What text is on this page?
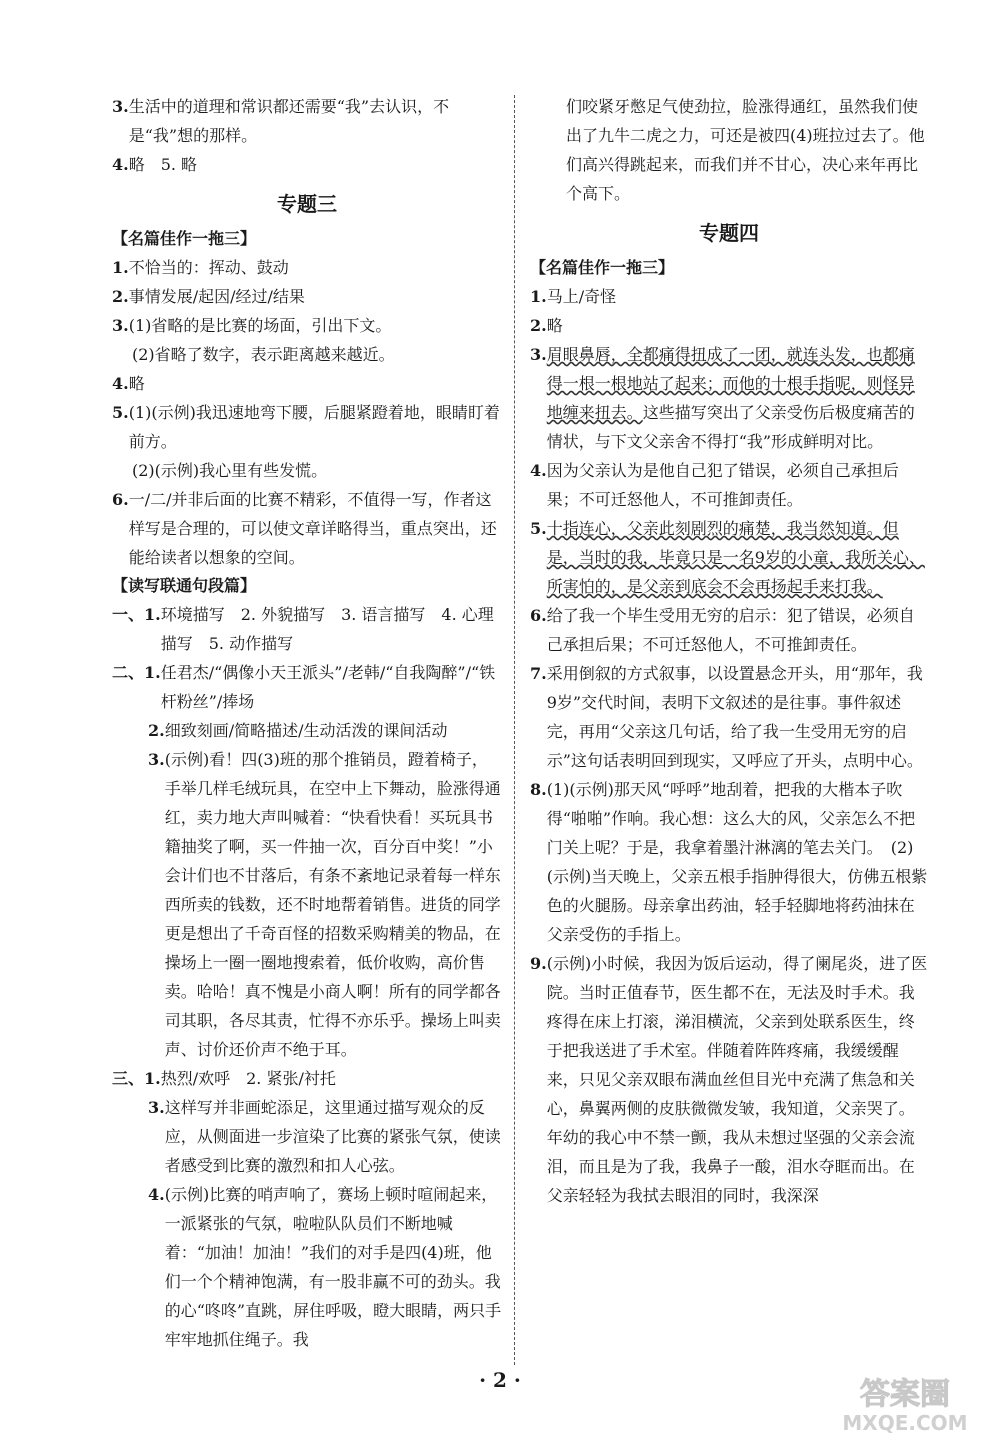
3. 生活中的道理和常识都还需要“我”去认识，不是“我”想的那样。
4. 略　5. 略
专题三
【名篇佳作一拖三】
1. 不恰当的：挥动、鼓动
2. 事情发展/起因/经过/结果
3. (1)省略的是比赛的场面，引出下文。
(2)省略了数字，表示距离越来越近。
4. 略
5. (1)(示例)我迅速地弯下腰，后腿紧蹬着地，眼睛盯着前方。
(2)(示例)我心里有些发慌。
6. 一/二/并非后面的比赛不精彩，不值得一写，作者这样写是合理的，可以使文章详略得当，重点突出，还能给读者以想象的空间。
【读写联通句段篇】
一、1. 环境描写　2. 外貌描写　3. 语言描写　4. 心理描写　5. 动作描写
二、1. 任君杰/“偶像小天王派头”/老韩/“自我陶醉”/“铁杆粉丝”/捧场
2. 细致刻画/简略描述/生动活泼的课间活动
3. (示例)看！四(3)班的那个推销员，蹬着椅子，手举几样毛绒玩具，在空中上下舞动，脸涨得通红，卖力地大声叫喊着：“快看快看！买玩具书籍抽奖了啊，买一件抽一次，百分百中奖！”小会计们也不甘落后，有条不紊地记录着每一样东西所卖的钱数，还不时地帮着销售。进货的同学更是想出了千奇百怪的招数采购精美的物品，在操场上一圈一圈地搜索着，低价收购，高价售卖。哈哈！真不愧是小商人啊！所有的同学都各司其职，各尽其责，忙得不亦乐乎。操场上叫卖声、讨价还价声不绝于耳。
三、1. 热烈/欢呼　2. 紧张/衬托
3. 这样写并非画蛇添足，这里通过描写观众的反应，从侧面进一步渲染了比赛的紧张气氛，使读者感受到比赛的激烈和扣人心弦。
4. (示例)比赛的哨声响了，赛场上顿时喧闹起来，一派紧张的气氛，啦啦队队员们不断地喊着：“加油！加油！”我们的对手是四(4)班，他们一个个精神饱满，有一股非赢不可的劲头。我的心“咚咚”直跳，屏住呼吸，瞪大眼睛，两只手牢牢地抓住绳子。我
们咬紧牙憋足气使劲拉，脸涨得通红，虽然我们使出了九牛二虎之力，可还是被四(4)班拉过去了。他们高兴得跳起来，而我们并不甘心，决心来年再比个高下。
专题四
【名篇佳作一拖三】
1. 马上/奇怪
2. 略
3. 眉眼鼻唇，全都痛得扭成了一团，就连头发，也都痛得一根一根地站了起来；而他的十根手指呢，则怪异地缠来扭去。这些描写突出了父亲受伤后极度痛苦的情状，与下文父亲舍不得打“我”形成鲜明对比。
4. 因为父亲认为是他自己犯了错误，必须自己承担后果；不可迁怒他人，不可推卸责任。
5. 十指连心，父亲此刻剧烈的痛楚，我当然知道。但是，当时的我，毕竟只是一名9岁的小童，我所关心、所害怕的，是父亲到底会不会再扬起手来打我。
6. 给了我一个毕生受用无穷的启示：犯了错误，必须自己承担后果；不可迁怒他人，不可推卸责任。
7. 采用倒叙的方式叙事，以设置悬念开头，用“那年，我9岁”交代时间，表明下文叙述的是往事。事件叙述完，再用“父亲这几句话，给了我一生受用无穷的启示”这句话表明回到现实，又呼应了开头，点明中心。
8. (1)(示例)那天风“呼呼”地刮着，把我的大楷本子吹得“啪啪”作响。我心想：这么大的风，父亲怎么不把门关上呢？于是，我拿着墨汁淋漓的笔去关门。　(2)(示例)当天晚上，父亲五根手指肿得很大，仿佛五根紫色的火腿肠。母亲拿出药油，轻手轻脚地将药油抹在父亲受伤的手指上。
9. (示例)小时候，我因为饭后运动，得了阑尾炎，进了医院。当时正值春节，医生都不在，无法及时手术。我疼得在床上打滚，涕泪横流，父亲到处联系医生，终于把我送进了手术室。伴随着阵阵疼痛，我缓缓醒来，只见父亲双眼布满血丝但目光中充满了焦急和关心，鼻翼两侧的皮肤微微发皱，我知道，父亲哭了。年幼的我心中不禁一颤，我从未想过坚强的父亲会流泪，而且是为了我，我鼻子一酸，泪水夺眶而出。在父亲轻轻为我拭去眼泪的同时，我深深
· 2 ·	答案圈
MXQE.COM
